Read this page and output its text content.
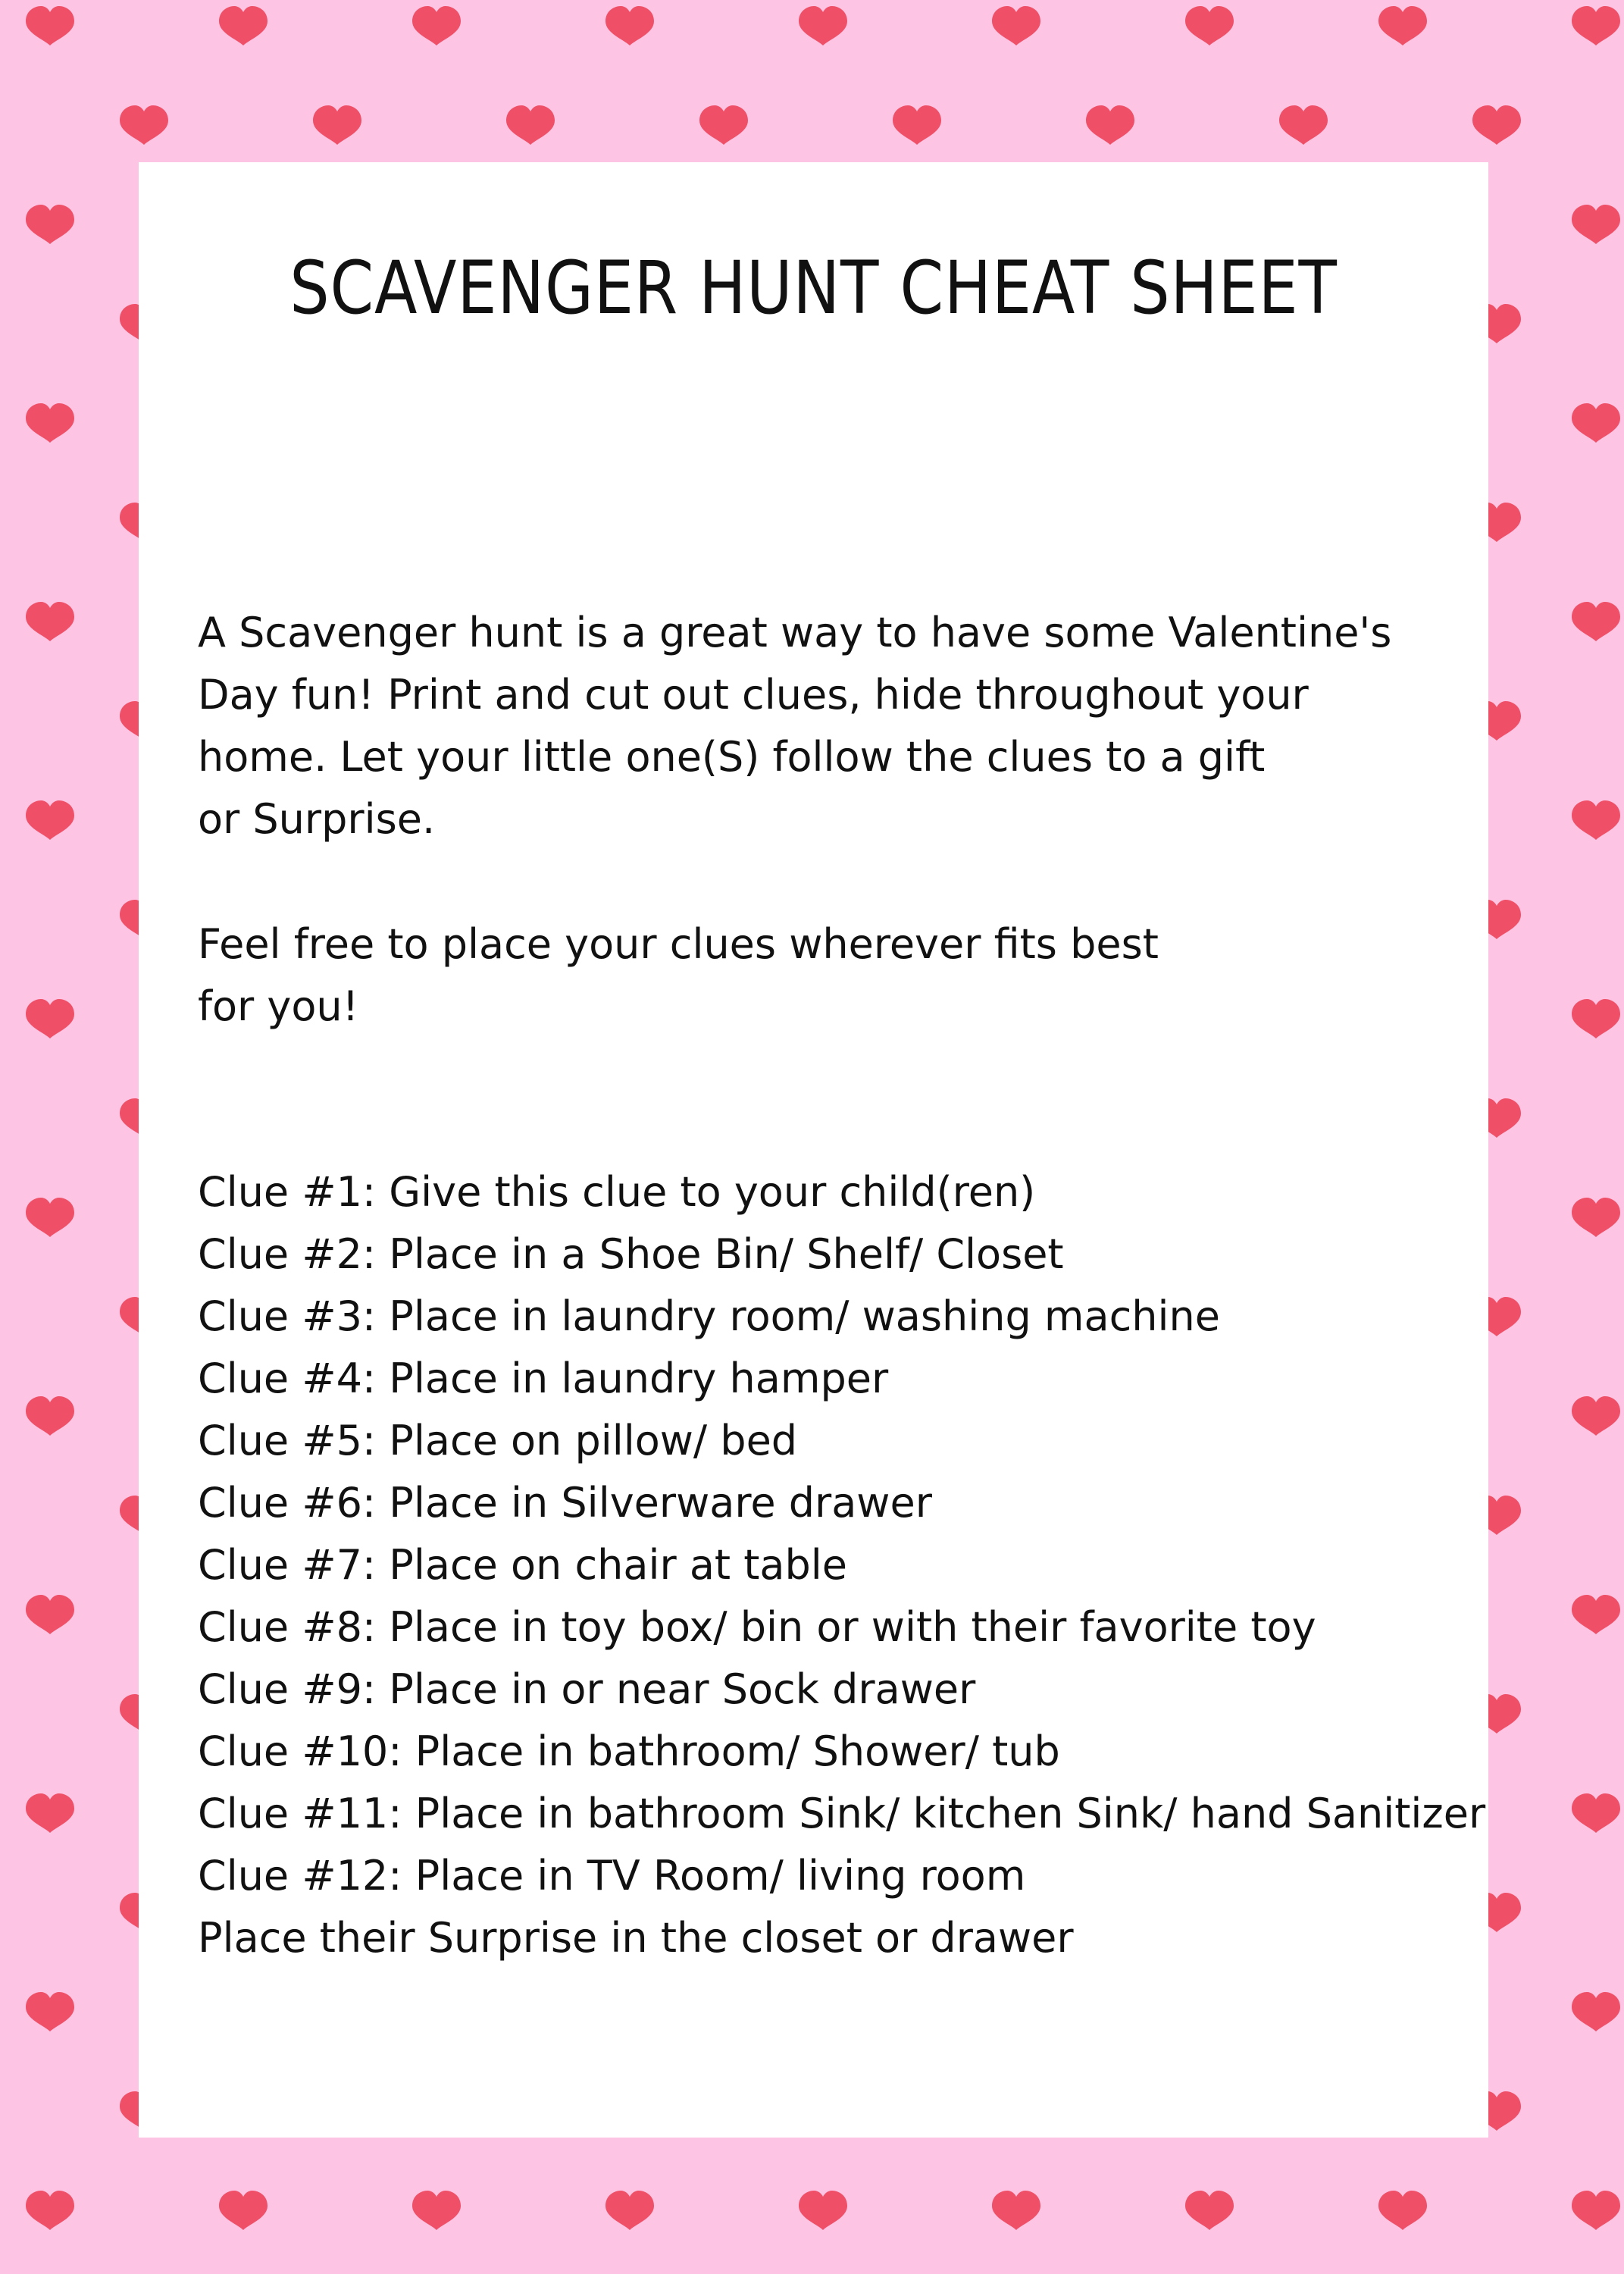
SCAVENGER HUNT CHEAT SHEET

A Scavenger hunt is a great way to have some Valentine's
Day fun! Print and cut out clues, hide throughout your
home. Let your little one(S) follow the clues to a gift
or Surprise.

Feel free to place your clues wherever fits best
for you!

Clue #1: Give this clue to your child(ren)
Clue #2: Place in a Shoe Bin/ Shelf/ Closet
Clue #3: Place in laundry room/ washing machine
Clue #4: Place in laundry hamper
Clue #5: Place on pillow/ bed
Clue #6: Place in Silverware drawer
Clue #7: Place on chair at table
Clue #8: Place in toy box/ bin or with their favorite toy
Clue #9: Place in or near Sock drawer
Clue #10: Place in bathroom/ Shower/ tub
Clue #11: Place in bathroom Sink/ kitchen Sink/ hand Sanitizer
Clue #12: Place in TV Room/ living room

Place their Surprise in the closet or drawer
